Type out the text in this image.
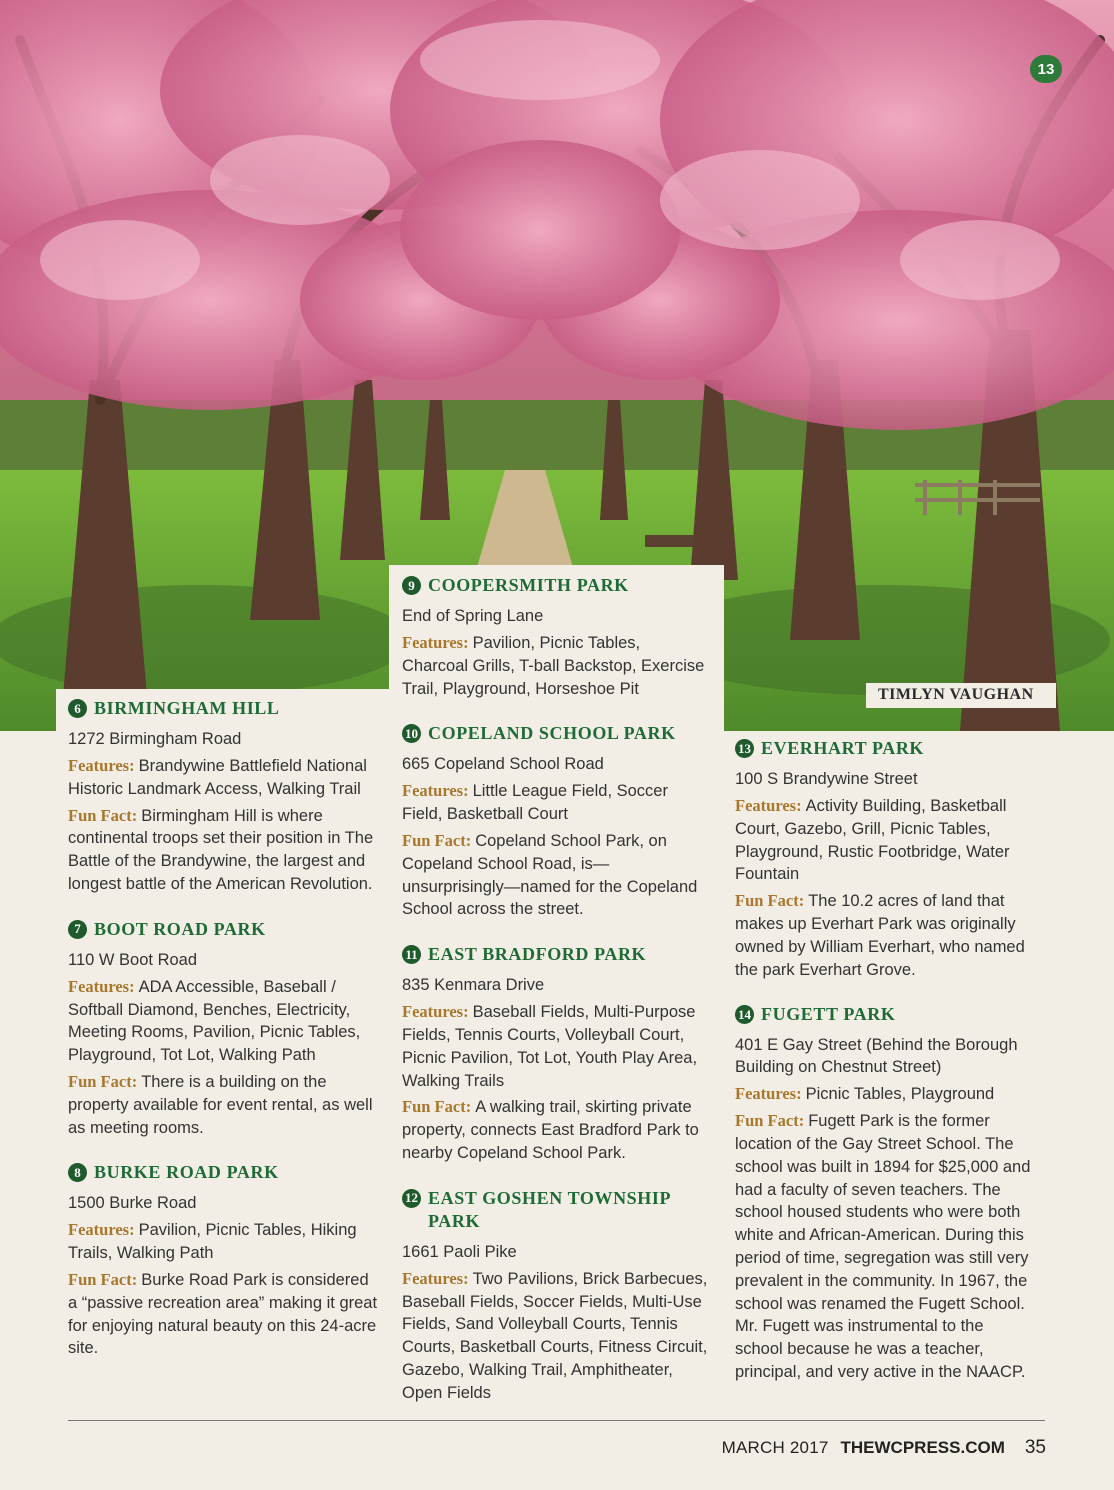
13
TIMLYN VAUGHAN
6 BIRMINGHAM HILL
1272 Birmingham Road
Features: Brandywine Battlefield National Historic Landmark Access, Walking Trail
Fun Fact: Birmingham Hill is where continental troops set their position in The Battle of the Brandywine, the largest and longest battle of the American Revolution.
7 BOOT ROAD PARK
110 W Boot Road
Features: ADA Accessible, Baseball / Softball Diamond, Benches, Electricity, Meeting Rooms, Pavilion, Picnic Tables, Playground, Tot Lot, Walking Path
Fun Fact: There is a building on the property available for event rental, as well as meeting rooms.
8 BURKE ROAD PARK
1500 Burke Road
Features: Pavilion, Picnic Tables, Hiking Trails, Walking Path
Fun Fact: Burke Road Park is considered a “passive recreation area” making it great for enjoying natural beauty on this 24-acre site.
9 COOPERSMITH PARK
End of Spring Lane
Features: Pavilion, Picnic Tables, Charcoal Grills, T-ball Backstop, Exercise Trail, Playground, Horseshoe Pit
10 COPELAND SCHOOL PARK
665 Copeland School Road
Features: Little League Field, Soccer Field, Basketball Court
Fun Fact: Copeland School Park, on Copeland School Road, is—unsurprisingly—named for the Copeland School across the street.
11 EAST BRADFORD PARK
835 Kenmara Drive
Features: Baseball Fields, Multi-Purpose Fields, Tennis Courts, Volleyball Court, Picnic Pavilion, Tot Lot, Youth Play Area, Walking Trails
Fun Fact: A walking trail, skirting private property, connects East Bradford Park to nearby Copeland School Park.
12 EAST GOSHEN TOWNSHIP PARK
1661 Paoli Pike
Features: Two Pavilions, Brick Barbecues, Baseball Fields, Soccer Fields, Multi-Use Fields, Sand Volleyball Courts, Tennis Courts, Basketball Courts, Fitness Circuit, Gazebo, Walking Trail, Amphitheater, Open Fields
13 EVERHART PARK
100 S Brandywine Street
Features: Activity Building, Basketball Court, Gazebo, Grill, Picnic Tables, Playground, Rustic Footbridge, Water Fountain
Fun Fact: The 10.2 acres of land that makes up Everhart Park was originally owned by William Everhart, who named the park Everhart Grove.
14 FUGETT PARK
401 E Gay Street (Behind the Borough Building on Chestnut Street)
Features: Picnic Tables, Playground
Fun Fact: Fugett Park is the former location of the Gay Street School. The school was built in 1894 for $25,000 and had a faculty of seven teachers. The school housed students who were both white and African-American. During this period of time, segregation was still very prevalent in the community. In 1967, the school was renamed the Fugett School. Mr. Fugett was instrumental to the school because he was a teacher, principal, and very active in the NAACP.
MARCH 2017 THEWCPRESS.COM 35
